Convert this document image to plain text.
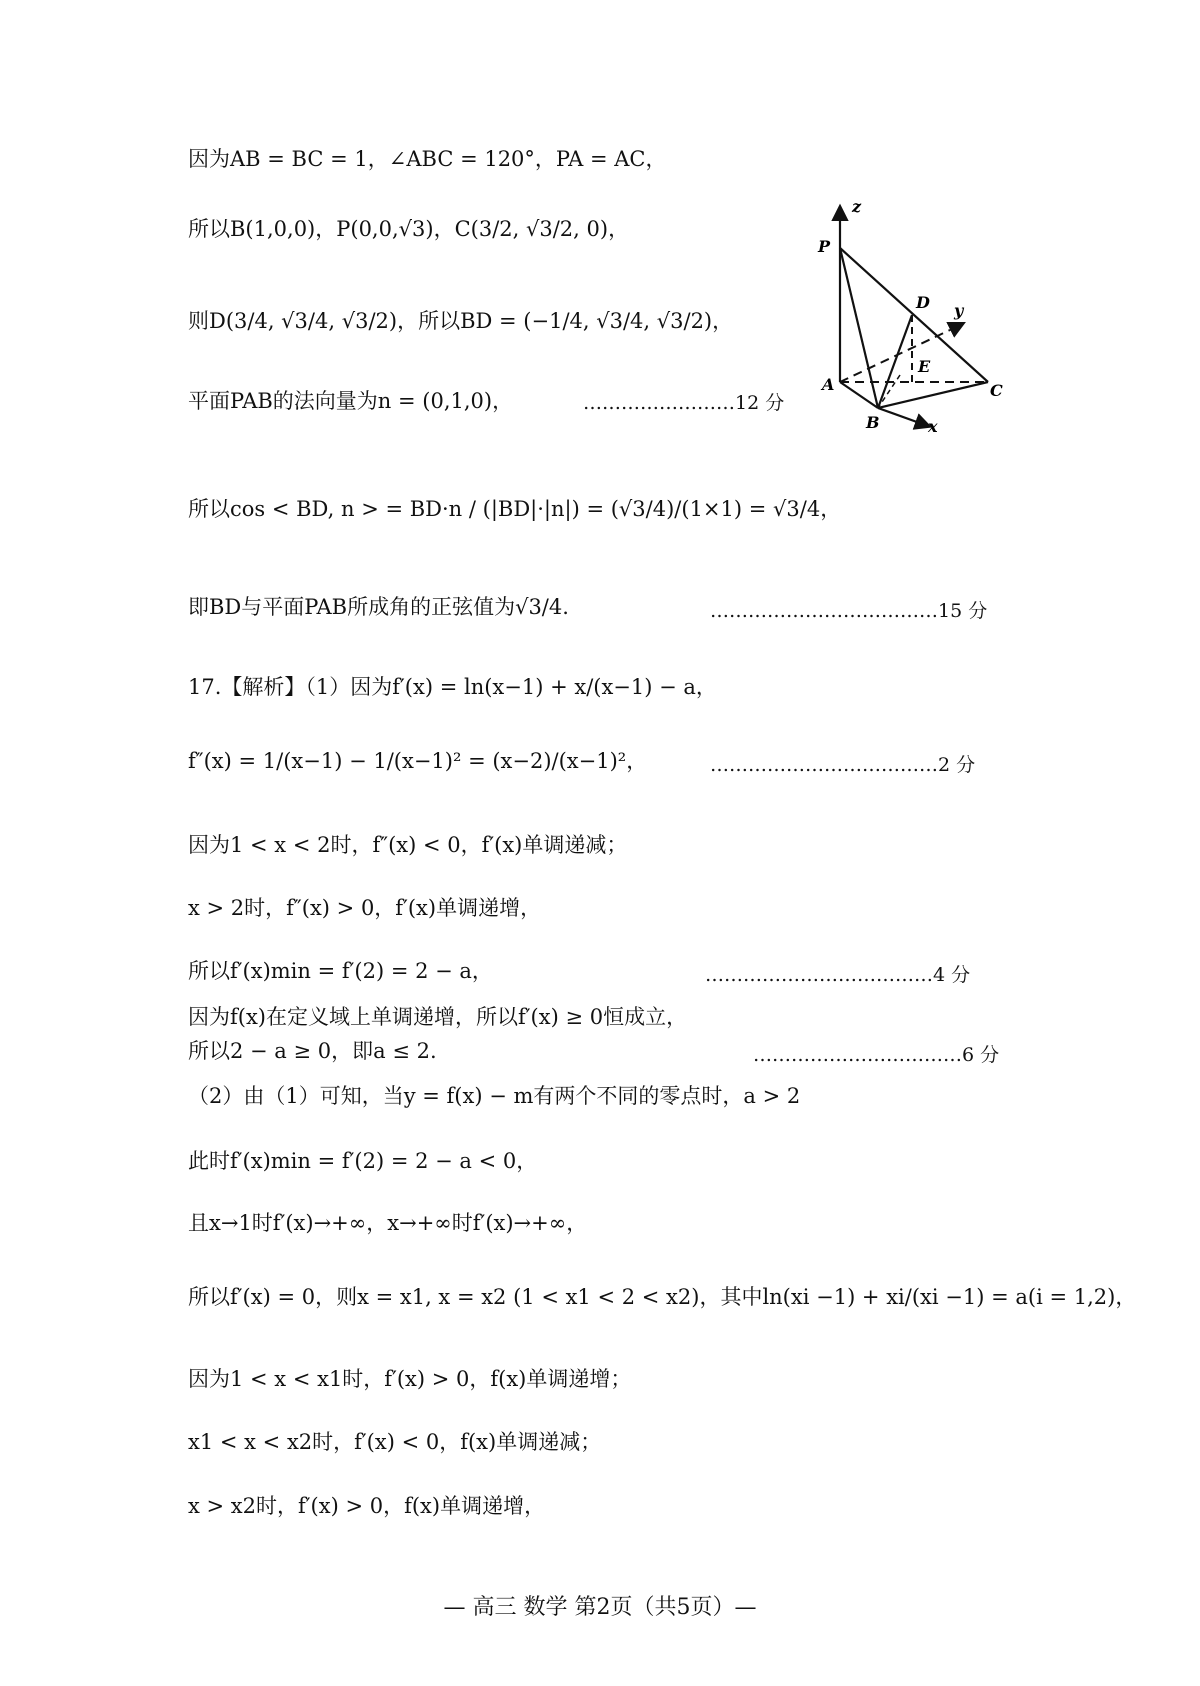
因为AB = BC = 1，∠ABC = 120°，PA = AC，
所以B(1,0,0)，P(0,0,√3)，C(3/2, √3/2, 0)，
则D(3/4, √3/4, √3/2)，所以BD = (−1/4, √3/4, √3/2)，
平面PAB的法向量为n = (0,1,0)，	……………………12 分
所以cos < BD, n > = BD·n / (|BD|·|n|) = (√3/4)/(1×1) = √3/4，
即BD与平面PAB所成角的正弦值为√3/4.	………………………………15 分
17.【解析】（1）因为f′(x) = ln(x−1) + x/(x−1) − a，
f″(x) = 1/(x−1) − 1/(x−1)² = (x−2)/(x−1)²，	………………………………2 分
因为1 < x < 2时，f″(x) < 0，f′(x)单调递减；
x > 2时，f″(x) > 0，f′(x)单调递增，
所以f′(x)min = f′(2) = 2 − a，	………………………………4 分
因为f(x)在定义域上单调递增，所以f′(x) ≥ 0恒成立，
所以2 − a ≥ 0，即a ≤ 2.	……………………………6 分
（2）由（1）可知，当y = f(x) − m有两个不同的零点时，a > 2
此时f′(x)min = f′(2) = 2 − a < 0，
且x→1时f′(x)→+∞，x→+∞时f′(x)→+∞，
所以f′(x) = 0，则x = x1, x = x2 (1 < x1 < 2 < x2)，其中ln(xi −1) + xi/(xi −1) = a(i = 1,2)，
因为1 < x < x1时，f′(x) > 0，f(x)单调递增；
x1 < x < x2时，f′(x) < 0，f(x)单调递减；
x > x2时，f′(x) > 0，f(x)单调递增，
z
P
D y
E
A	C
B	x
— 高三 数学 第2页（共5页）—
